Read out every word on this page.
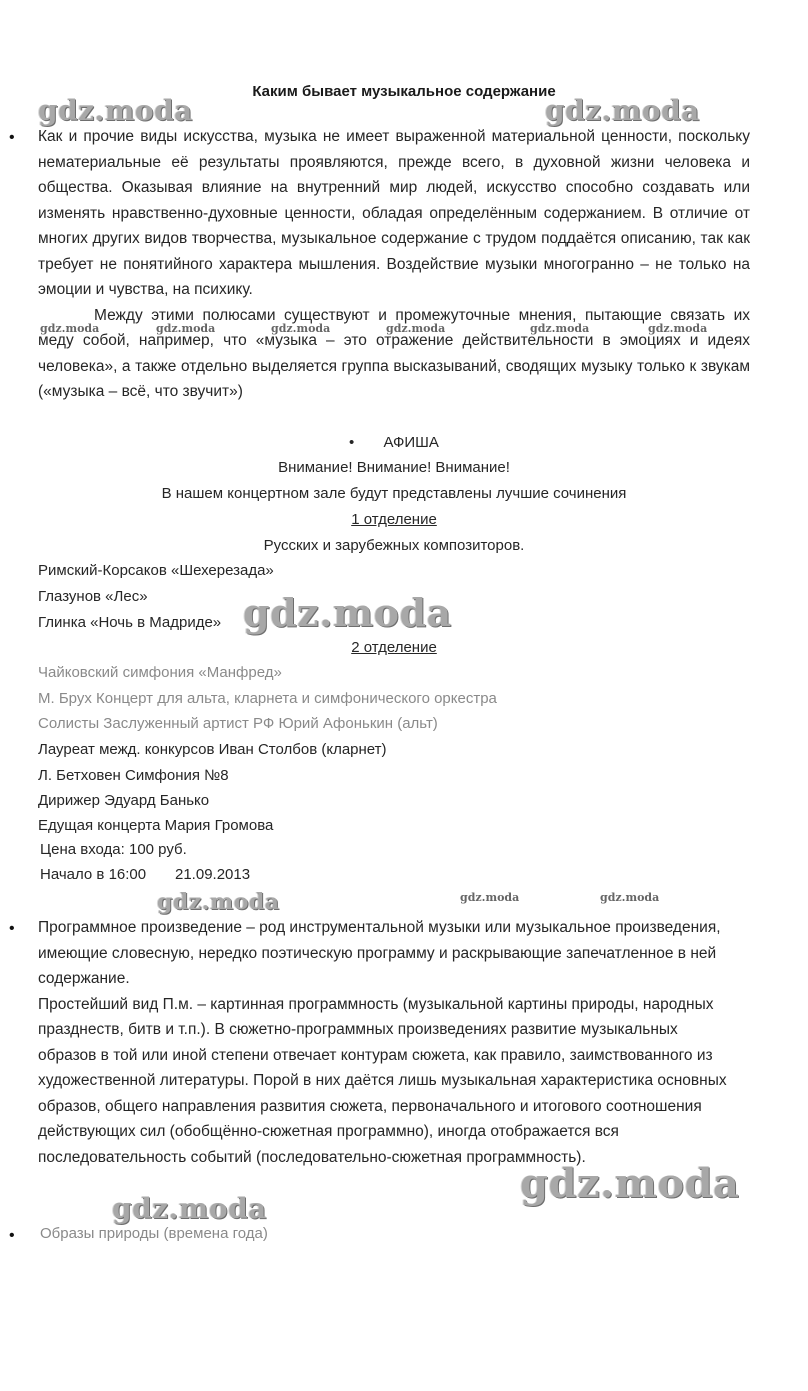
Каким бывает музыкальное содержание
• Как и прочие виды искусства, музыка не имеет выраженной материальной ценности, поскольку нематериальные её результаты проявляются, прежде всего, в духовной жизни человека и общества. Оказывая влияние на внутренний мир людей, искусство способно создавать или изменять нравственно-духовные ценности, обладая определённым содержанием. В отличие от многих других видов творчества, музыкальное содержание с трудом поддаётся описанию, так как требует не понятийного характера мышления. Воздействие музыки многогранно – не только на эмоции и чувства, на психику.

Между этими полюсами существуют и промежуточные мнения, пытающие связать их меду собой, например, что «музыка – это отражение действительности в эмоциях и идеях человека», а также отдельно выделяется группа высказываний, сводящих музыку только к звукам («музыка – всё, что звучит»)

•       АФИША
Внимание! Внимание! Внимание!
В нашем концертном зале будут представлены лучшие сочинения
1 отделение
Русских и зарубежных композиторов.
Римский-Корсаков «Шехерезада»
Глазунов «Лес»
Глинка «Ночь в Мадриде»
2 отделение
Чайковский симфония «Манфред»
М. Брух Концерт для альта, кларнета и симфонического оркестра
Солисты Заслуженный артист РФ Юрий Афонькин (альт)
Лауреат межд. конкурсов Иван Столбов (кларнет)
Л. Бетховен Симфония №8
Дирижер Эдуард Банько
Едущая концерта Мария Громова
Цена входа: 100 руб.
Начало в 16:00 21.09.2013
• Программное произведение – род инструментальной музыки или музыкальное произведения, имеющие словесную, нередко поэтическую программу и раскрывающие запечатленное в ней содержание.

Простейший вид П.м. – картинная программность (музыкальной картины природы, народных празднеств, битв и т.п.). В сюжетно-программных произведениях развитие музыкальных образов в той или иной степени отвечает контурам сюжета, как правило, заимствованного из художественной литературы. Порой в них даётся лишь музыкальная характеристика основных образов, общего направления развития сюжета, первоначального и итогового соотношения действующих сил (обобщённо-сюжетная программно), иногда отображается вся последовательность событий (последовательно-сюжетная программность).

• Образы природы (времена года)
gdz.moda	gdz.moda
gdz.moda	gdz.moda	gdz.moda	gdz.moda	gdz.moda	gdz.moda
gdz.moda
gdz.moda	gdz.moda
gdz.moda
gdz.moda
gdz.moda
